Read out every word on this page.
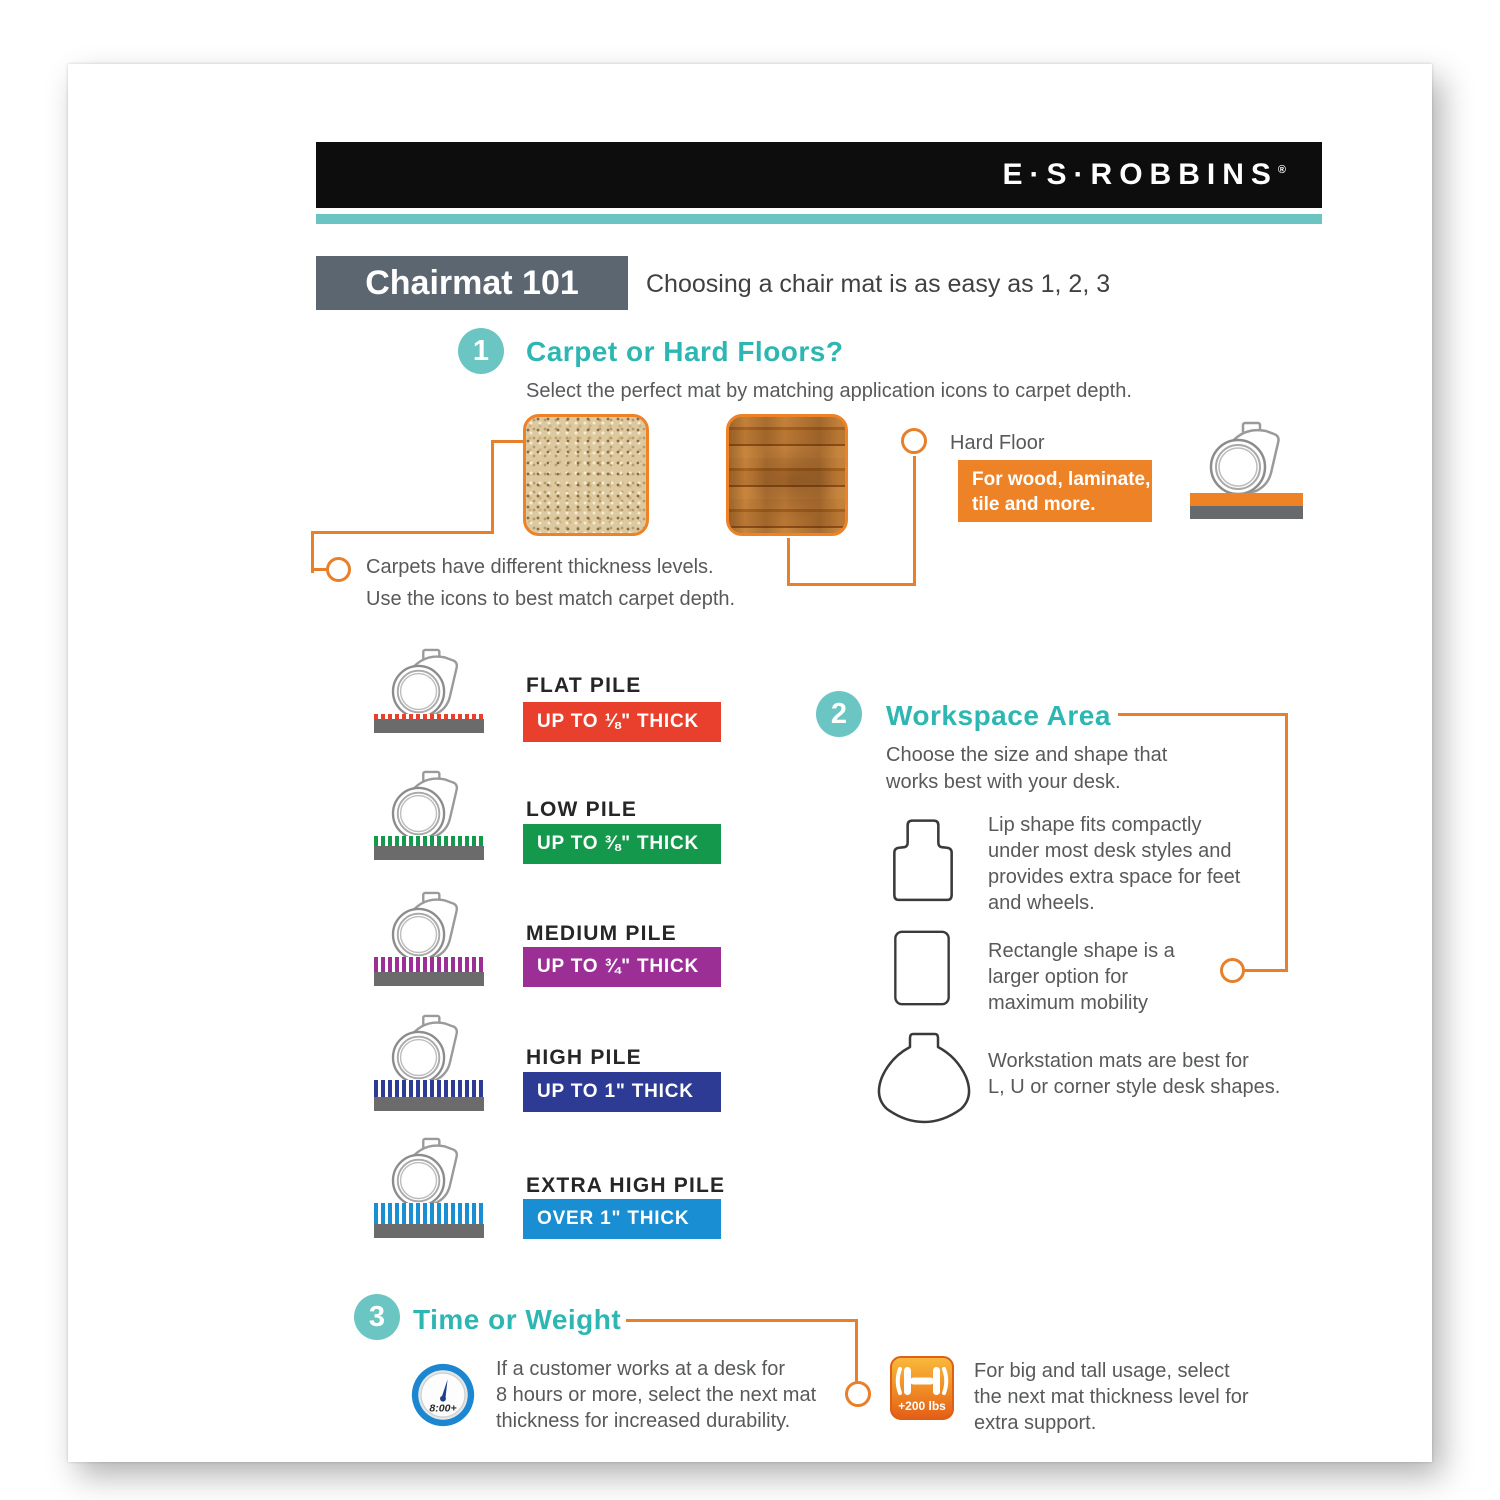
E·S·ROBBINS®
Chairmat 101	Choosing a chair mat is as easy as 1, 2, 3
1	Carpet or Hard Floors?
Select the perfect mat by matching application icons to carpet depth.
Carpets have different thickness levels.
Use the icons to best match carpet depth.
Hard Floor
For wood, laminate,
tile and more.
FLAT PILE
UP TO ⅛" THICK
LOW PILE
UP TO ⅜" THICK
MEDIUM PILE
UP TO ¾" THICK
HIGH PILE
UP TO 1" THICK
EXTRA HIGH PILE
OVER 1" THICK
2	Workspace Area
Choose the size and shape that
works best with your desk.
Lip shape fits compactly
under most desk styles and
provides extra space for feet
and wheels.
Rectangle shape is a
larger option for
maximum mobility
Workstation mats are best for
L, U or corner style desk shapes.
3 Time or Weight
8:00+
If a customer works at a desk for
8 hours or more, select the next mat
thickness for increased durability.
+200 lbs
For big and tall usage, select
the next mat thickness level for
extra support.
